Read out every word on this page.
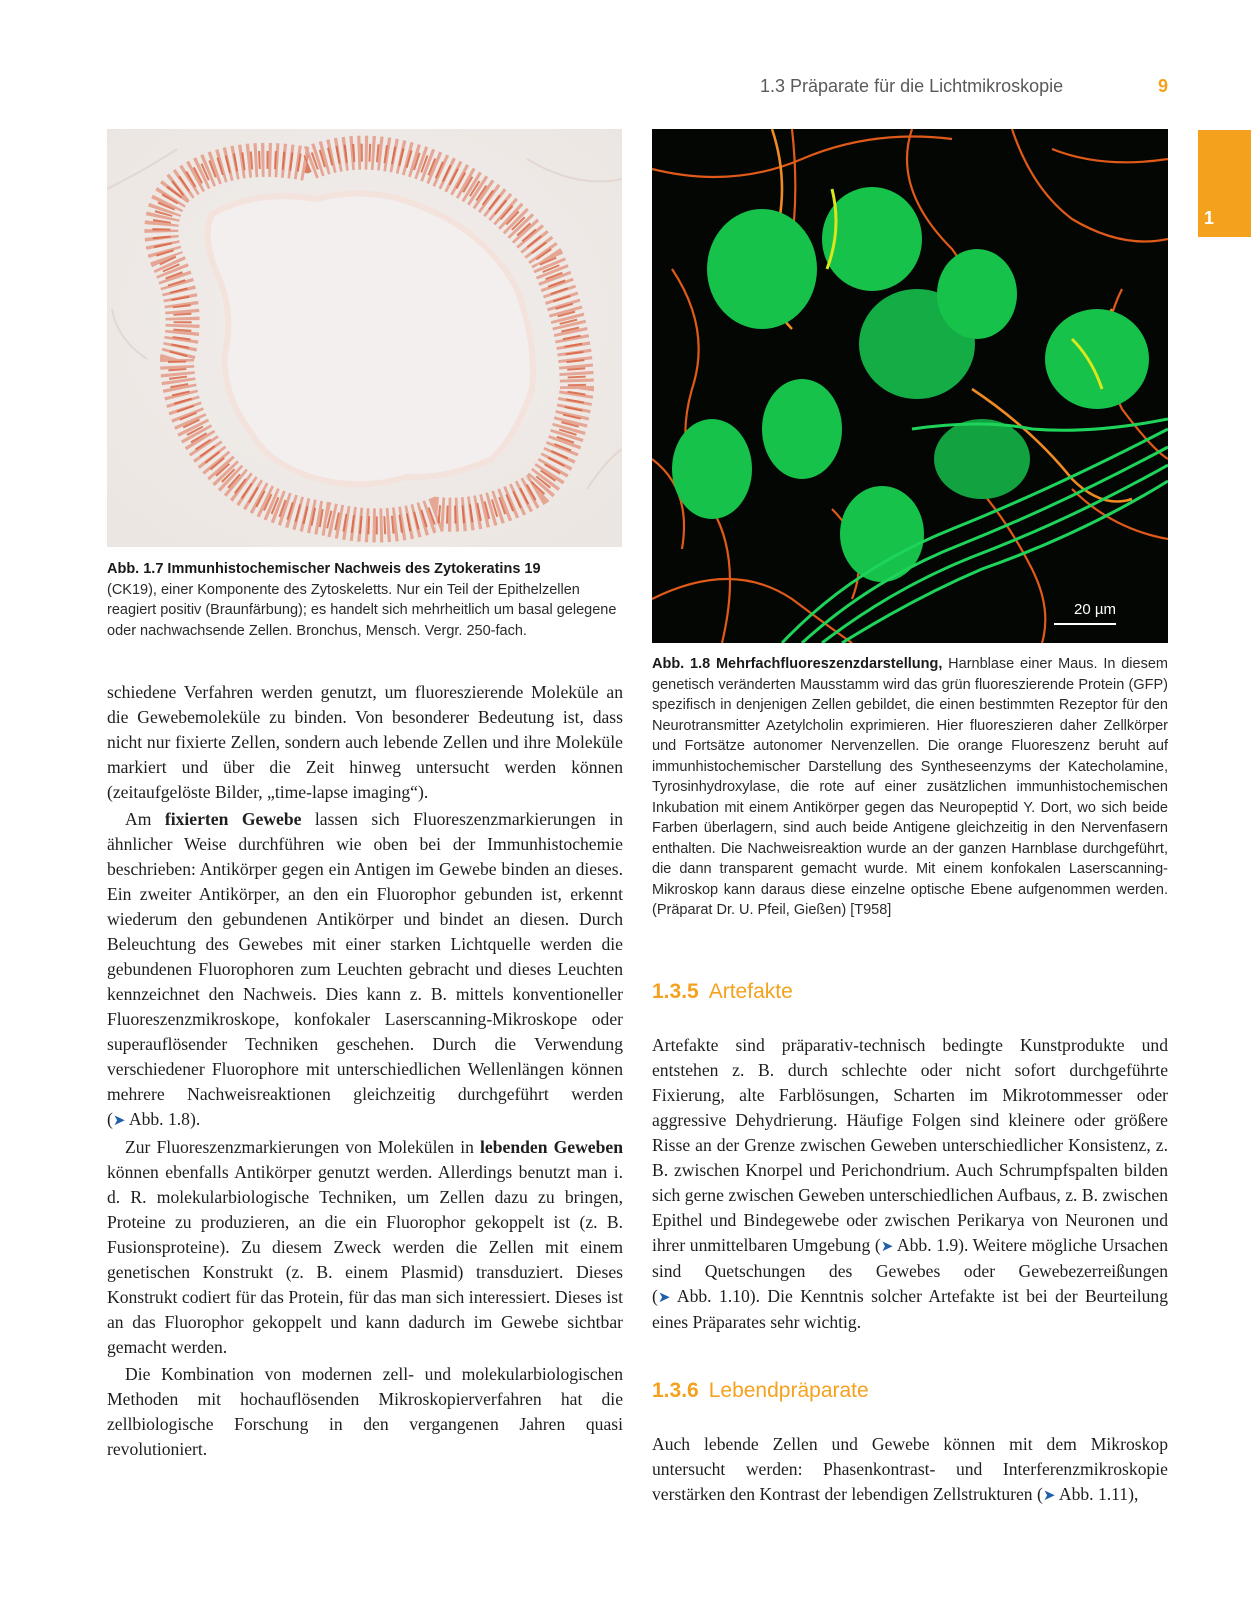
1.3 Präparate für die Lichtmikroskopie	9
1
20 µm
Abb. 1.7 Immunhistochemischer Nachweis des Zytokeratins 19
(CK19), einer Komponente des Zytoskeletts. Nur ein Teil der Epithelzellen reagiert positiv (Braunfärbung); es handelt sich mehrheitlich um basal gelegene oder nachwachsende Zellen. Bronchus, Mensch. Vergr. 250-fach.
Abb. 1.8 Mehrfachfluoreszenzdarstellung, Harnblase einer Maus. In diesem genetisch veränderten Mausstamm wird das grün fluoreszierende Protein (GFP) spezifisch in denjenigen Zellen gebildet, die einen bestimmten Rezeptor für den Neurotransmitter Azetylcholin exprimieren. Hier fluoreszieren daher Zellkörper und Fortsätze autonomer Nervenzellen. Die orange Fluoreszenz beruht auf immunhistochemischer Darstellung des Syntheseenzyms der Katecholamine, Tyrosinhydroxylase, die rote auf einer zusätzlichen immunhistochemischen Inkubation mit einem Antikörper gegen das Neuropeptid Y. Dort, wo sich beide Farben überlagern, sind auch beide Antigene gleichzeitig in den Nervenfasern enthalten. Die Nachweisreaktion wurde an der ganzen Harnblase durchgeführt, die dann transparent gemacht wurde. Mit einem konfokalen Laserscanning-Mikroskop kann daraus diese einzelne optische Ebene aufgenommen werden. (Präparat Dr. U. Pfeil, Gießen) [T958]

schiedene Verfahren werden genutzt, um fluoreszierende Moleküle an die Gewebemoleküle zu binden. Von besonderer Bedeutung ist, dass nicht nur fixierte Zellen, sondern auch lebende Zellen und ihre Moleküle markiert und über die Zeit hinweg untersucht werden können (zeitaufgelöste Bilder, „time-lapse imaging“).

Am fixierten Gewebe lassen sich Fluoreszenzmarkierungen in ähnlicher Weise durchführen wie oben bei der Immunhistochemie beschrieben: Antikörper gegen ein Antigen im Gewebe binden an dieses. Ein zweiter Antikörper, an den ein Fluorophor gebunden ist, erkennt wiederum den gebundenen Antikörper und bindet an diesen. Durch Beleuchtung des Gewebes mit einer starken Lichtquelle werden die gebundenen Fluorophoren zum Leuchten gebracht und dieses Leuchten kennzeichnet den Nachweis. Dies kann z. B. mittels konventioneller Fluoreszenzmikroskope, konfokaler Laserscanning-Mikroskope oder superauflösender Techniken geschehen. Durch die Verwendung verschiedener Fluorophore mit unterschiedlichen Wellenlängen können mehrere Nachweisreaktionen gleichzeitig durchgeführt werden (➤ Abb. 1.8).

Zur Fluoreszenzmarkierungen von Molekülen in lebenden Geweben können ebenfalls Antikörper genutzt werden. Allerdings benutzt man i. d. R. molekularbiologische Techniken, um Zellen dazu zu bringen, Proteine zu produzieren, an die ein Fluorophor gekoppelt ist (z. B. Fusionsproteine). Zu diesem Zweck werden die Zellen mit einem genetischen Konstrukt (z. B. einem Plasmid) transduziert. Dieses Konstrukt codiert für das Protein, für das man sich interessiert. Dieses ist an das Fluorophor gekoppelt und kann dadurch im Gewebe sichtbar gemacht werden.

Die Kombination von modernen zell- und molekularbiologischen Methoden mit hochauflösenden Mikroskopierverfahren hat die zellbiologische Forschung in den vergangenen Jahren quasi revolutioniert.

1.3.5 Artefakte

Artefakte sind präparativ-technisch bedingte Kunstprodukte und entstehen z. B. durch schlechte oder nicht sofort durchgeführte Fixierung, alte Farblösungen, Scharten im Mikrotommesser oder aggressive Dehydrierung. Häufige Folgen sind kleinere oder größere Risse an der Grenze zwischen Geweben unterschiedlicher Konsistenz, z. B. zwischen Knorpel und Perichondrium. Auch Schrumpfspalten bilden sich gerne zwischen Geweben unterschiedlichen Aufbaus, z. B. zwischen Epithel und Bindegewebe oder zwischen Perikarya von Neuronen und ihrer unmittelbaren Umgebung (➤ Abb. 1.9). Weitere mögliche Ursachen sind Quetschungen des Gewebes oder Gewebezerreißungen (➤ Abb. 1.10). Die Kenntnis solcher Artefakte ist bei der Beurteilung eines Präparates sehr wichtig.

1.3.6 Lebendpräparate

Auch lebende Zellen und Gewebe können mit dem Mikroskop untersucht werden: Phasenkontrast- und Interferenzmikroskopie verstärken den Kontrast der lebendigen Zellstrukturen (➤ Abb. 1.11),
